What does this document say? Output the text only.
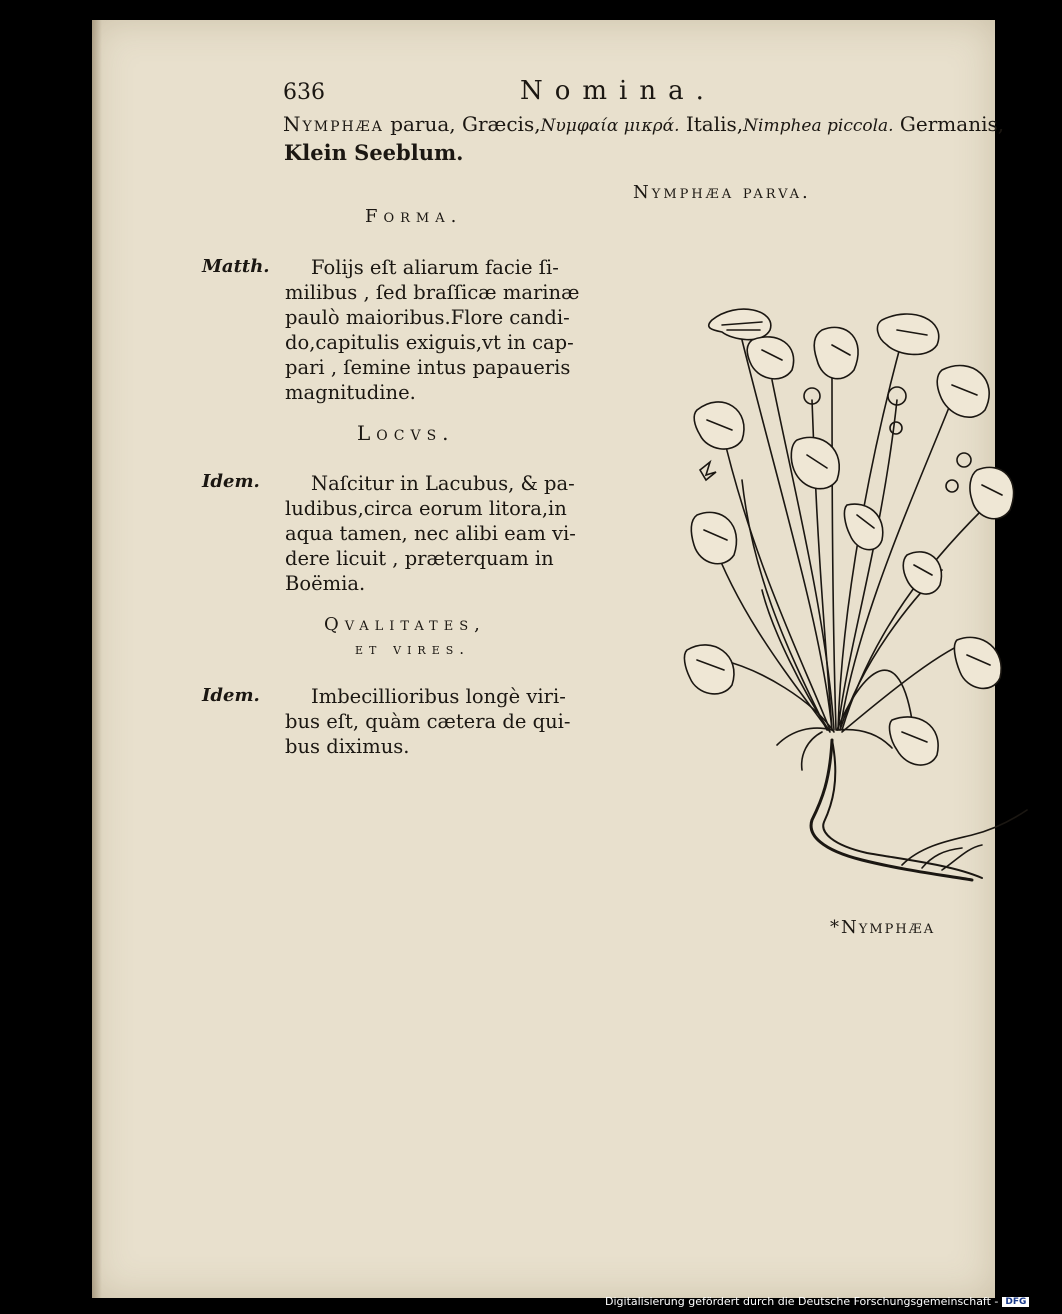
636	Nomina.
Nymphæa parua, Græcis,Νυμφαία μικρά. Italis,Nimphea piccola. Germanis,
Klein Seeblum.
Nymphæa parva.
Forma.
Matth.	Folijs eſt aliarum facie ſi-
milibus , ſed braſſicæ marinæ
paulò maioribus.Flore candi-
do,capitulis exiguis,vt in cap-
pari , ſemine intus papaueris
magnitudine.
Locvs.
Idem.	Naſcitur in Lacubus, & pa-
ludibus,circa eorum litora,in
aqua tamen, nec alibi eam vi-
dere licuit , præterquam in
Boëmia.
Qvalitates,
et vires.
Idem.	Imbecillioribus longè viri-
bus eſt, quàm cætera de qui-
bus diximus.
*Nymphæa
Digitalisierung gefördert durch die Deutsche Forschungsgemeinschaft - DFG
